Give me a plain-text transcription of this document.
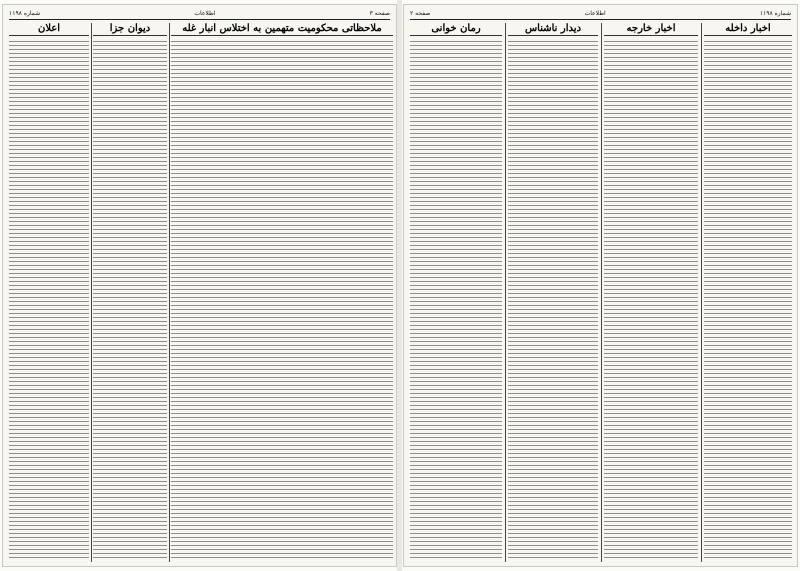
صفحه ۳
اطلاعات
شماره ۱۱۹۸
ملاحظاتی محکومیت متهمین به اختلاس انبار غله
دیوان جزا
اعلان
شماره ۱۱۹۸
اطلاعات
صفحه ۲
اخبار داخله
اخبار خارجه
دیدار ناشناس
رمان خوانی
